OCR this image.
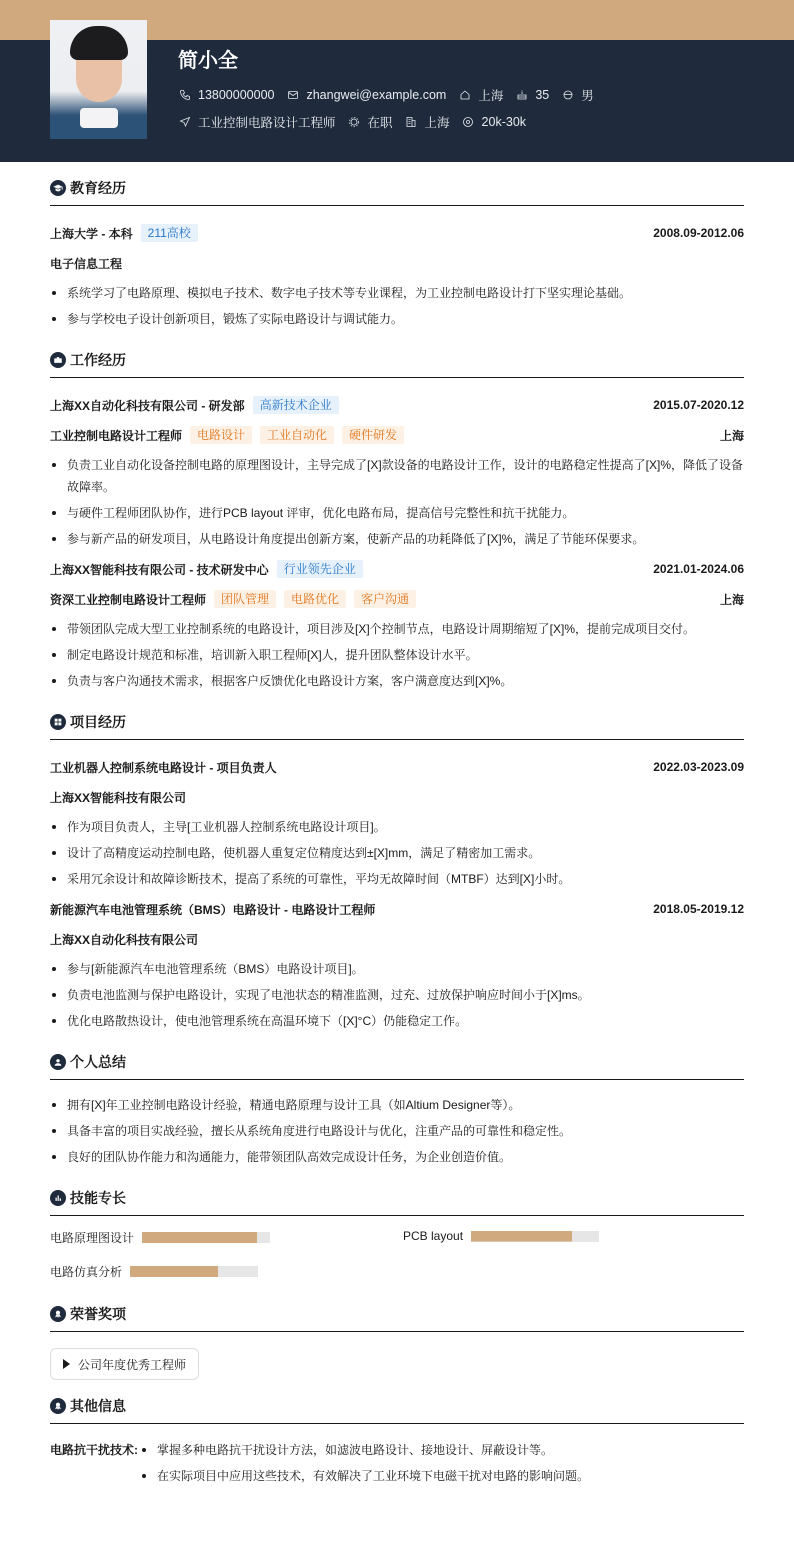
简小全
13800000000	zhangwei@example.com	上海	35	男
工业控制电路设计工程师	在职	上海	20k-30k
教育经历
上海大学 - 本科	211高校	2008.09-2012.06
电子信息工程
系统学习了电路原理、模拟电子技术、数字电子技术等专业课程，为工业控制电路设计打下坚实理论基础。
参与学校电子设计创新项目，锻炼了实际电路设计与调试能力。
工作经历
上海XX自动化科技有限公司 - 研发部	高新技术企业	2015.07-2020.12
工业控制电路设计工程师	电路设计	工业自动化	硬件研发	上海
负责工业自动化设备控制电路的原理图设计，主导完成了[X]款设备的电路设计工作，设计的电路稳定性提高了[X]%，降低了设备故障率。
与硬件工程师团队协作，进行PCB layout 评审，优化电路布局，提高信号完整性和抗干扰能力。
参与新产品的研发项目，从电路设计角度提出创新方案，使新产品的功耗降低了[X]%，满足了节能环保要求。
上海XX智能科技有限公司 - 技术研发中心	行业领先企业	2021.01-2024.06
资深工业控制电路设计工程师	团队管理	电路优化	客户沟通	上海
带领团队完成大型工业控制系统的电路设计，项目涉及[X]个控制节点，电路设计周期缩短了[X]%，提前完成项目交付。
制定电路设计规范和标准，培训新入职工程师[X]人，提升团队整体设计水平。
负责与客户沟通技术需求，根据客户反馈优化电路设计方案，客户满意度达到[X]%。
项目经历
工业机器人控制系统电路设计 - 项目负责人	2022.03-2023.09
上海XX智能科技有限公司
作为项目负责人，主导[工业机器人控制系统电路设计项目]。
设计了高精度运动控制电路，使机器人重复定位精度达到±[X]mm，满足了精密加工需求。
采用冗余设计和故障诊断技术，提高了系统的可靠性，平均无故障时间（MTBF）达到[X]小时。
新能源汽车电池管理系统（BMS）电路设计 - 电路设计工程师	2018.05-2019.12
上海XX自动化科技有限公司
参与[新能源汽车电池管理系统（BMS）电路设计项目]。
负责电池监测与保护电路设计，实现了电池状态的精准监测，过充、过放保护响应时间小于[X]ms。
优化电路散热设计，使电池管理系统在高温环境下（[X]°C）仍能稳定工作。
个人总结
拥有[X]年工业控制电路设计经验，精通电路原理与设计工具（如Altium Designer等）。
具备丰富的项目实战经验，擅长从系统角度进行电路设计与优化，注重产品的可靠性和稳定性。
良好的团队协作能力和沟通能力，能带领团队高效完成设计任务，为企业创造价值。
技能专长
电路原理图设计	PCB layout
电路仿真分析
荣誉奖项
公司年度优秀工程师
其他信息
电路抗干扰技术:	掌握多种电路抗干扰设计方法，如滤波电路设计、接地设计、屏蔽设计等。
在实际项目中应用这些技术，有效解决了工业环境下电磁干扰对电路的影响问题。
